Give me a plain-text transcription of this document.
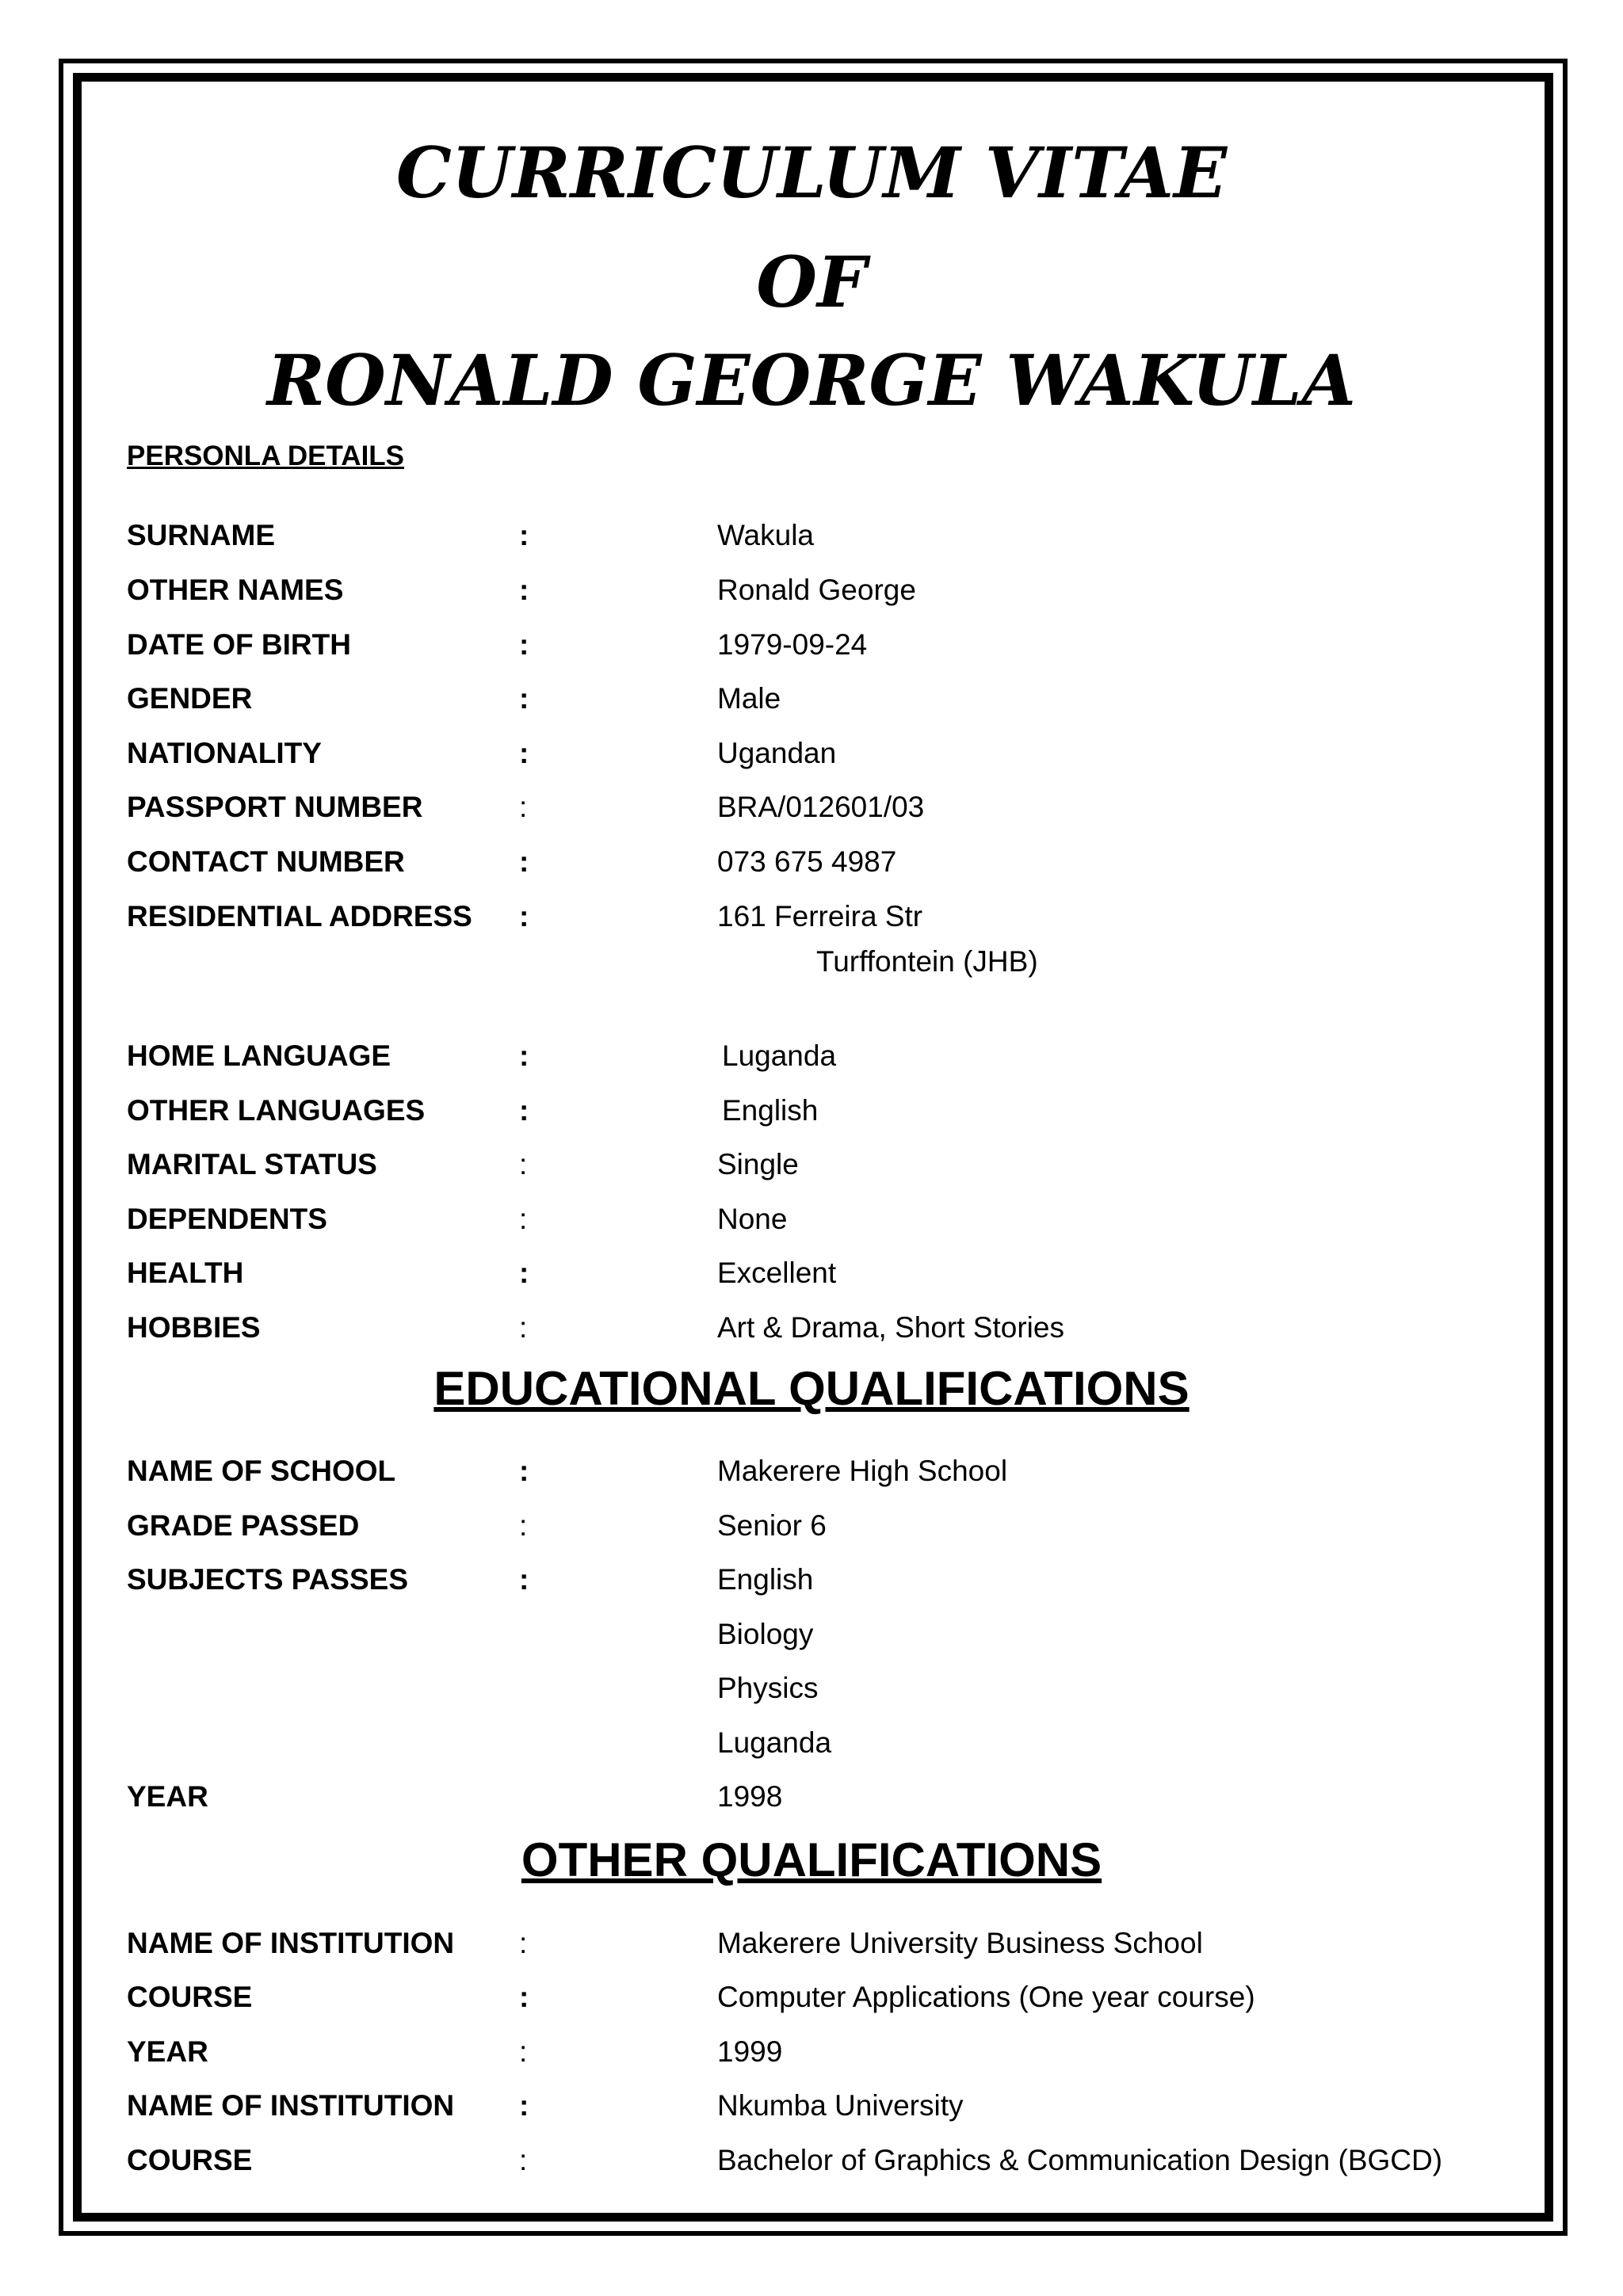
CURRICULUM VITAE
OF
RONALD GEORGE WAKULA
PERSONLA DETAILS
SURNAME	:	Wakula
OTHER NAMES	:	Ronald George
DATE OF BIRTH	:	1979-09-24
GENDER	:	Male
NATIONALITY	:	Ugandan
PASSPORT NUMBER	:	BRA/012601/03
CONTACT NUMBER	:	073 675 4987
RESIDENTIAL ADDRESS :	161 Ferreira Str
Turffontein (JHB)
HOME LANGUAGE	:	Luganda
OTHER LANGUAGES	:	English
MARITAL STATUS	:	Single
DEPENDENTS	:	None
HEALTH	:	Excellent
HOBBIES	:	Art & Drama, Short Stories
EDUCATIONAL QUALIFICATIONS
NAME OF SCHOOL	:	Makerere High School
GRADE PASSED	:	Senior 6
SUBJECTS PASSES	:	English
Biology
Physics
Luganda
YEAR	1998
OTHER QUALIFICATIONS
NAME OF INSTITUTION :	Makerere University Business School
COURSE	:	Computer Applications (One year course)
YEAR	:	1999
NAME OF INSTITUTION :	Nkumba University
COURSE	:	Bachelor of Graphics & Communication Design (BGCD)
